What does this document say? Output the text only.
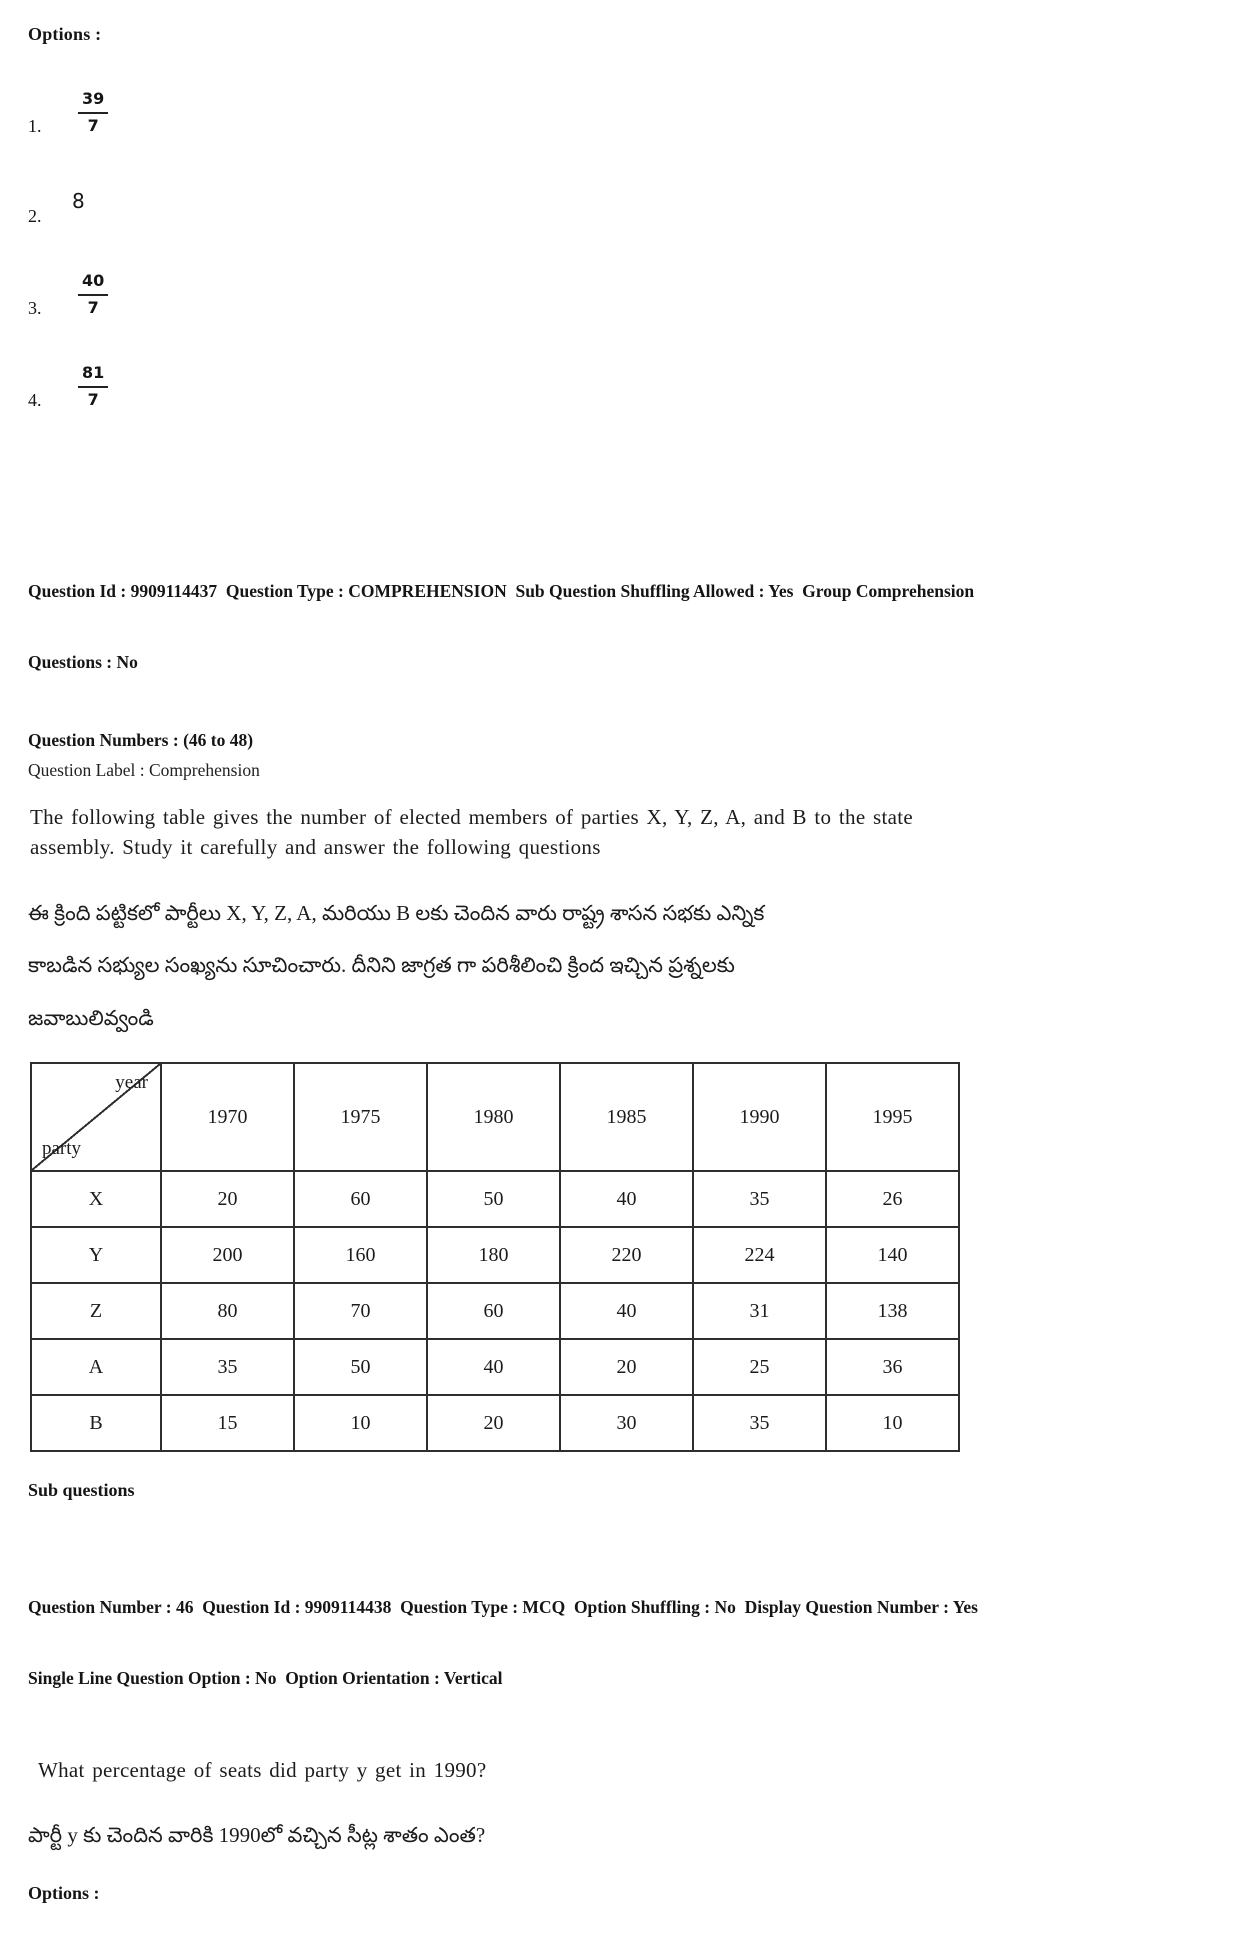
Options :
1.	$\frac{39}{7}$
2.
8
3.	$\frac{40}{7}$
4.	$\frac{81}{7}$

Question Id : 9909114437  Question Type : COMPREHENSION  Sub Question Shuffling Allowed : Yes  Group Comprehension

Questions : No

Question Numbers : (46 to 48)
Question Label : Comprehension
The following table gives the number of elected members of parties X, Y, Z, A, and B to the state assembly. Study it carefully and answer the following questions
ఈ క్రింది పట్టికలో పార్టీలు X, Y, Z, A, మరియు B లకు చెందిన వారు రాష్ట్ర శాసన సభకు ఎన్నిక
కాబడిన సభ్యుల సంఖ్యను సూచించారు. దీనిని జాగ్రత గా పరిశీలించి క్రింద ఇచ్చిన ప్రశ్నలకు
జవాబులివ్వండి
year
party	1970	1975	1980	1985	1990	1995
X	20	60	50	40	35	26
Y	200	160	180	220	224	140
Z	80	70	60	40	31	138
A	35	50	40	20	25	36
B	15	10	20	30	35	10
Sub questions

Question Number : 46  Question Id : 9909114438  Question Type : MCQ  Option Shuffling : No  Display Question Number : Yes

Single Line Question Option : No  Option Orientation : Vertical

What percentage of seats did party y get in 1990?
పార్టీ y కు చెందిన వారికి 1990లో వచ్చిన సీట్ల శాతం ఎంత?
Options :
